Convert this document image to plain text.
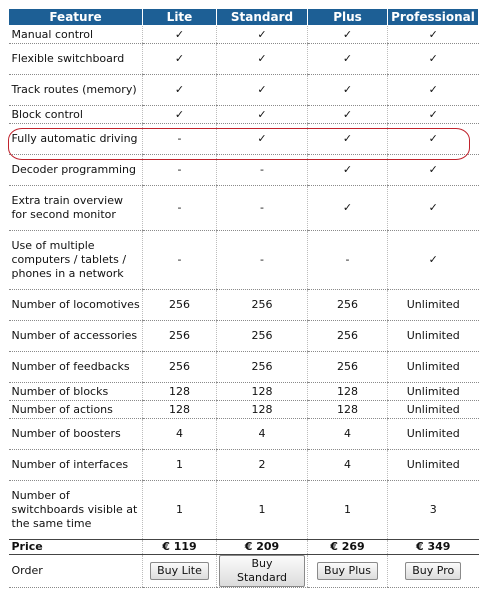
Feature	Lite	Standard	Plus	Professional
Manual control	✓	✓	✓	✓
Flexible switchboard	✓	✓	✓	✓
Track routes (memory)	✓	✓	✓	✓
Block control	✓	✓	✓	✓
Fully automatic driving	-	✓	✓	✓
Decoder programming	-	-	✓	✓
Extra train overview for second monitor	-	-	✓	✓
Use of multiple computers / tablets / phones in a network	-	-	-	✓
Number of locomotives	256	256	256	Unlimited
Number of accessories	256	256	256	Unlimited
Number of feedbacks	256	256	256	Unlimited
Number of blocks	128	128	128	Unlimited
Number of actions	128	128	128	Unlimited
Number of boosters	4	4	4	Unlimited
Number of interfaces	1	2	4	Unlimited
Number of switchboards visible at the same time	1	1	1	3
Price	€ 119	€ 209	€ 269	€ 349
Order	Buy Lite	Buy Standard	Buy Plus	Buy Pro
